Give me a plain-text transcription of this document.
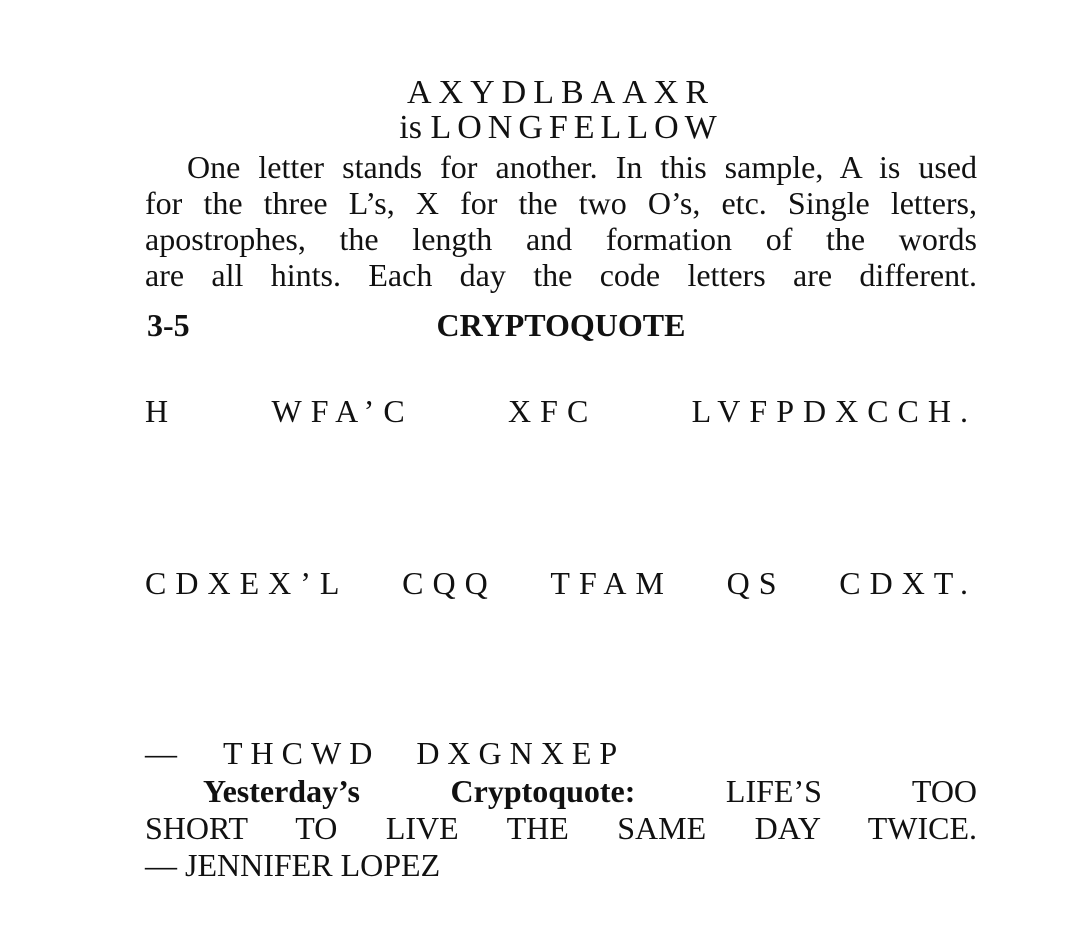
AXYDLBAAXR
is LONGFELLOW
One letter stands for another. In this sample, A is used
for the three L’s, X for the two O’s, etc. Single letters,
apostrophes, the length and formation of the words
are all hints. Each day the code letters are different.
3-5	CRYPTOQUOTE
H	WFA’C	XFC	LVFPDXCCH.
CDXEX’L CQQ TFAM QS CDXT.
— THCWD DXGNXEP
Yesterday’s	Cryptoquote:	LIFE’S	TOO
SHORT TO LIVE THE SAME DAY TWICE.
— JENNIFER LOPEZ
